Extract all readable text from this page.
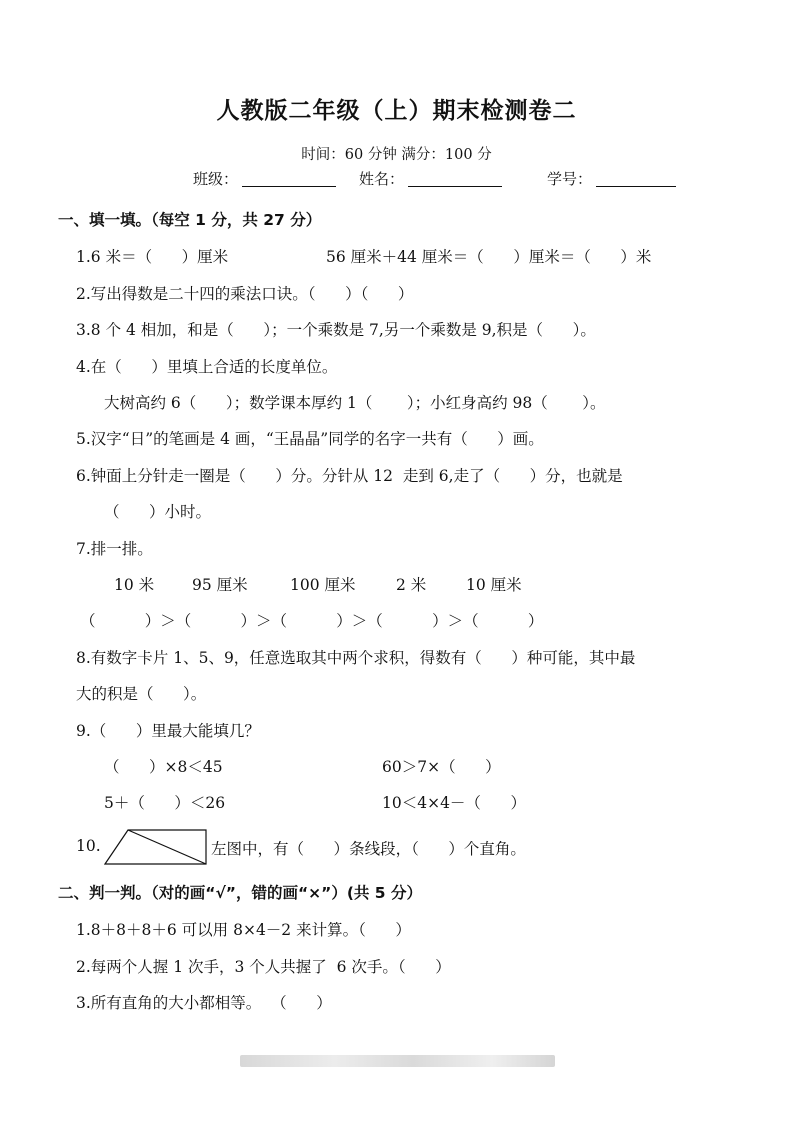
人教版二年级（上）期末检测卷二
时间：60 分钟 满分：100 分
班级：	姓名：	学号：
一、填一填。（每空 1 分，共 27 分）
1.6 米＝（      ）厘米	56 厘米＋44 厘米＝（      ）厘米＝（      ）米
2.写出得数是二十四的乘法口诀。（      ）（      ）
3.8 个 4 相加，和是（      ）；一个乘数是 7,另一个乘数是 9,积是（      ）。
4.在（      ）里填上合适的长度单位。
大树高约 6（      ）；数学课本厚约 1（       ）；小红身高约 98（       ）。
5.汉字“日”的笔画是 4 画，“王晶晶”同学的名字一共有（      ）画。
6.钟面上分针走一圈是（      ）分。分针从 12  走到 6,走了（      ）分，也就是
（      ）小时。
7.排一排。
10 米 95 厘米	100 厘米	2 米	10 厘米
（          ）＞（          ）＞（          ）＞（          ）＞（          ）
8.有数字卡片 1、5、9，任意选取其中两个求积，得数有（      ）种可能，其中最
大的积是（      ）。
9.（      ）里最大能填几？
（      ）×8＜45	60＞7×（      ）
5＋（      ）＜26	10＜4×4－（      ）
10.	左图中，有（      ）条线段，（      ）个直角。
二、判一判。（对的画“√”，错的画“×”）(共 5 分）
1.8＋8＋8＋6 可以用 8×4－2 来计算。（      ）
2.每两个人握 1 次手，3 个人共握了  6 次手。（      ）
3.所有直角的大小都相等。  （      ）
